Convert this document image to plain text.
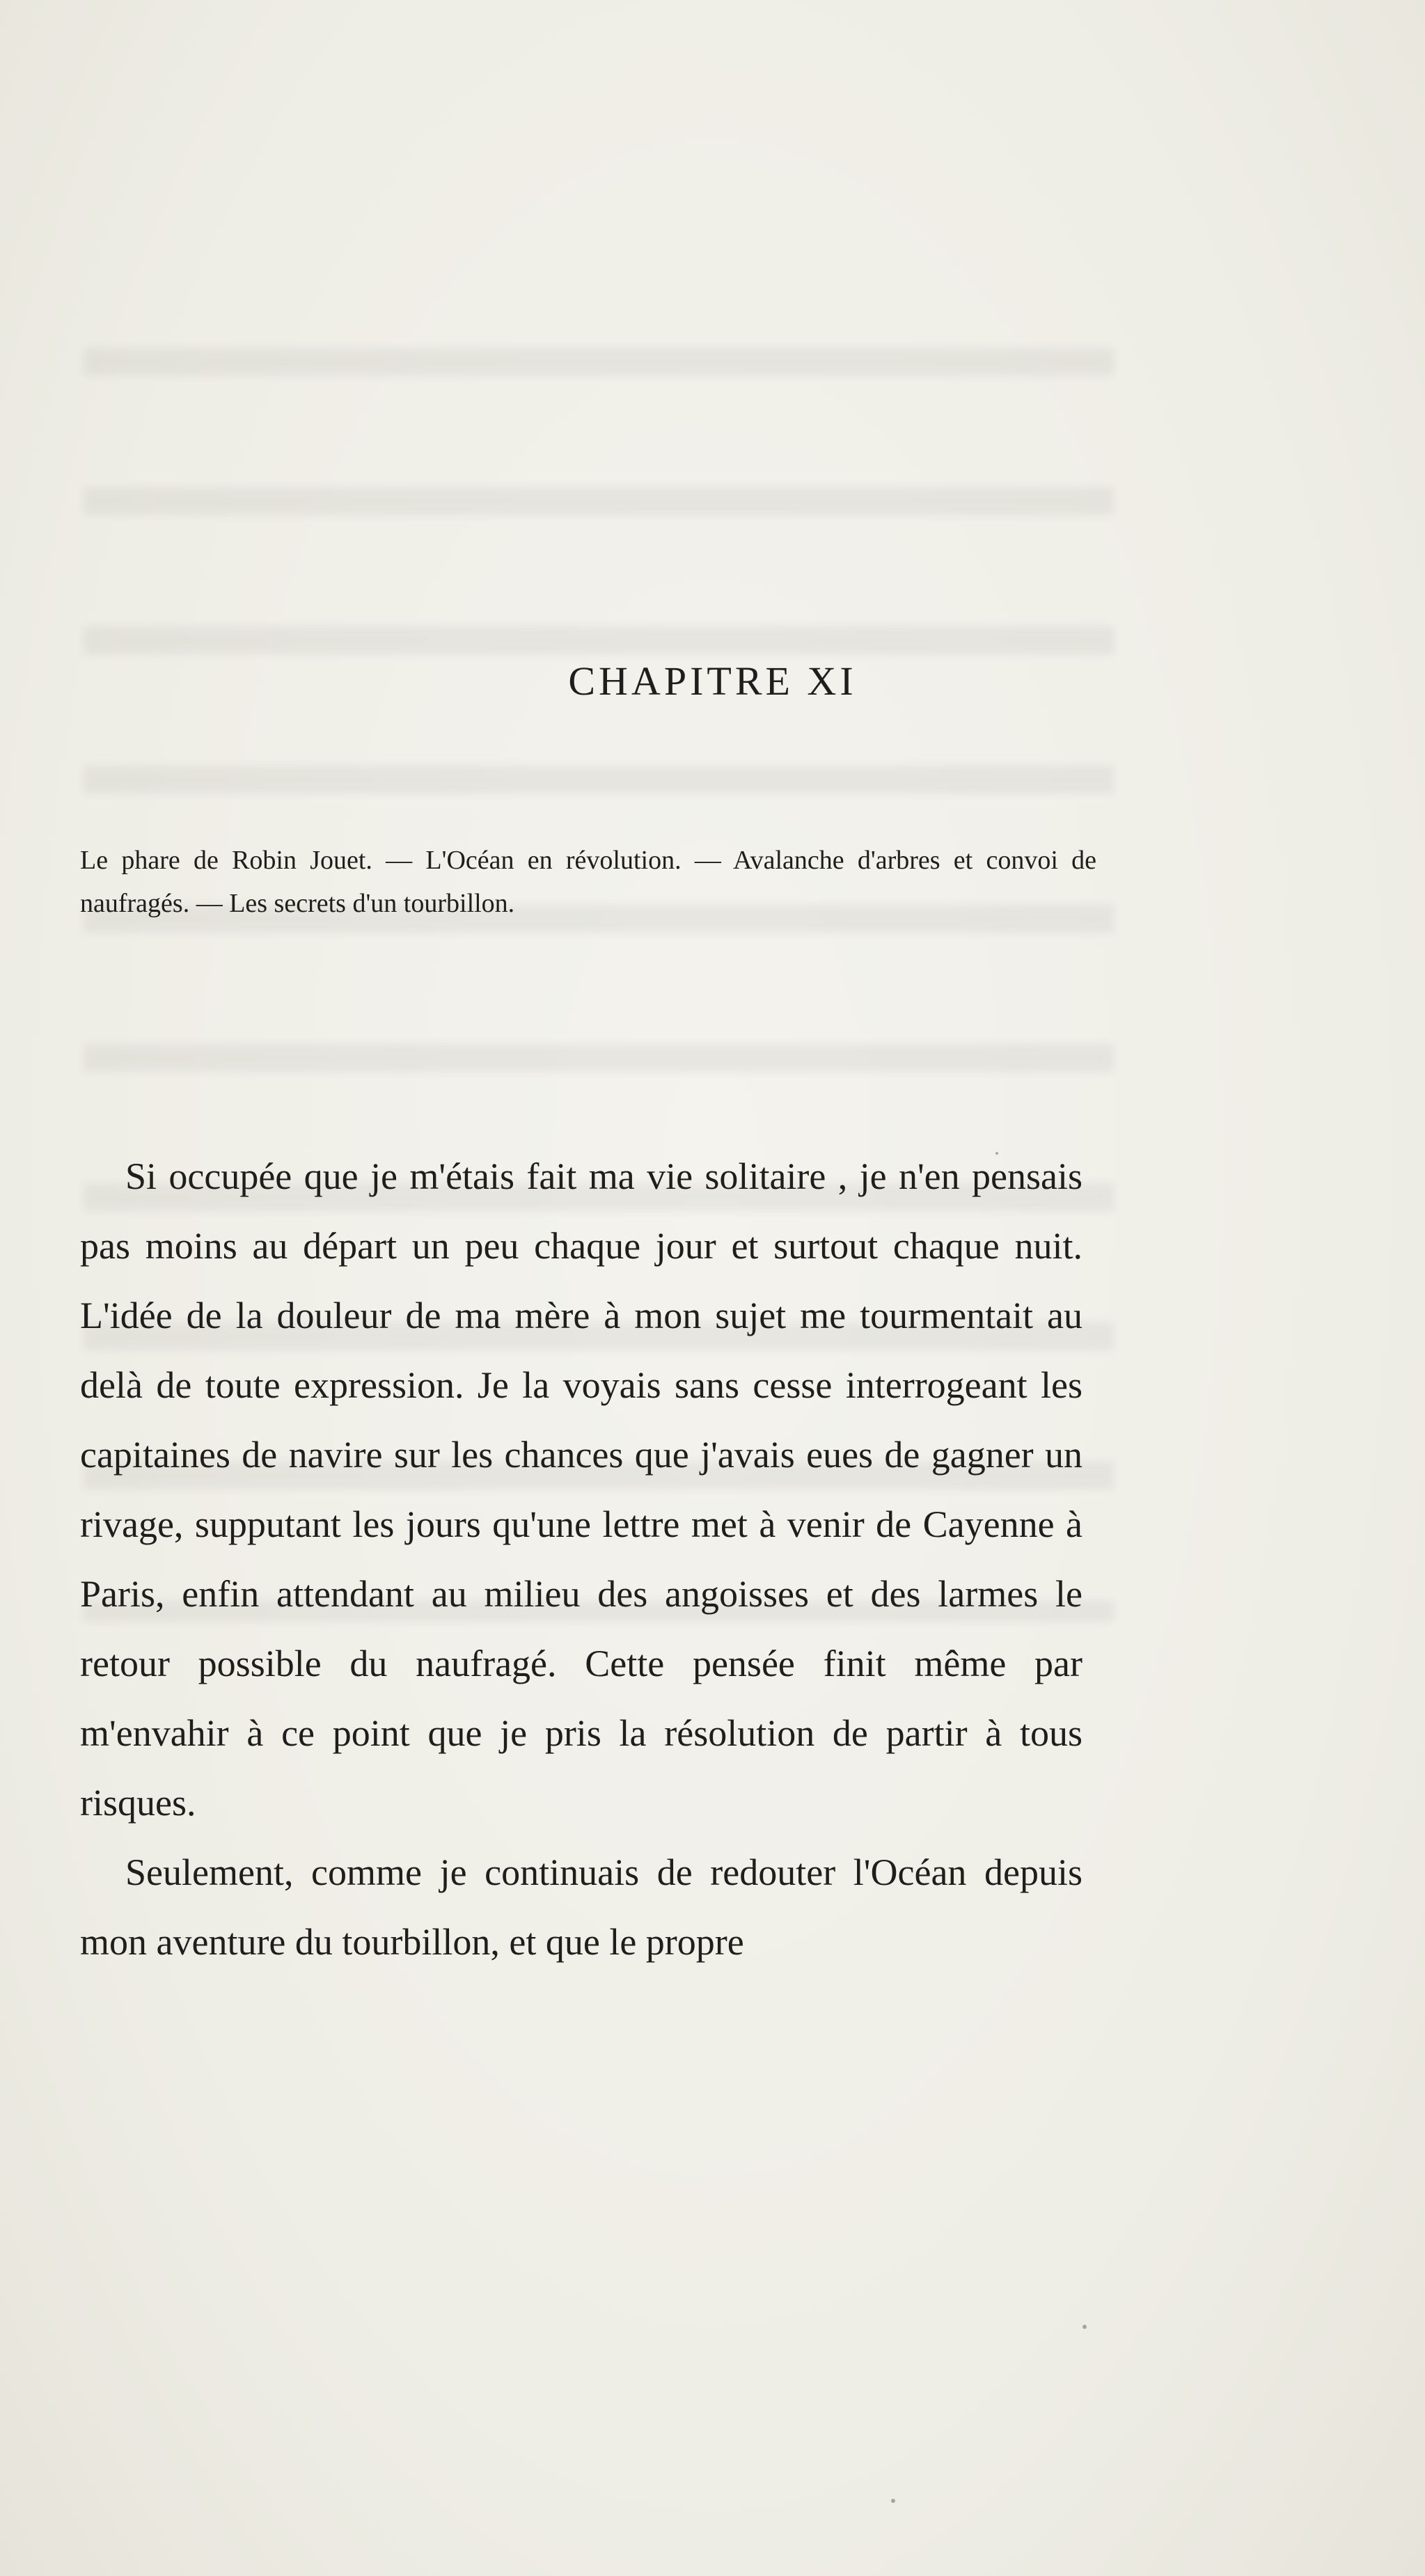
CHAPITRE XI

Le phare de Robin Jouet. — L'Océan en révolution. — Avalanche d'arbres et convoi de naufragés. — Les secrets d'un tourbillon.

Si occupée que je m'étais fait ma vie solitaire , je n'en pensais pas moins au départ un peu chaque jour et surtout chaque nuit. L'idée de la douleur de ma mère à mon sujet me tourmentait au delà de toute expression. Je la voyais sans cesse interrogeant les capitaines de navire sur les chances que j'avais eues de gagner un rivage, supputant les jours qu'une lettre met à venir de Cayenne à Paris, enfin attendant au milieu des angoisses et des larmes le retour possible du naufragé. Cette pensée finit même par m'envahir à ce point que je pris la résolution de partir à tous risques.

Seulement, comme je continuais de redouter l'Océan depuis mon aventure du tourbillon, et que le propre
